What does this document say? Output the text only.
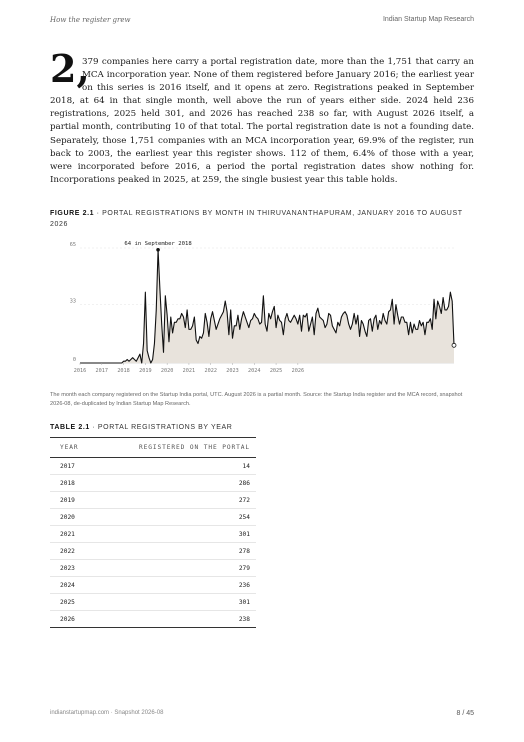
How the register grew	Indian Startup Map Research
2,
379 companies here carry a portal registration date, more than the 1,751 that carry an MCA incorporation year. None of them registered before January 2016; the earliest year on this series is 2016 itself, and it opens at zero. Registrations peaked in September 2018, at 64 in that single month, well above the run of years either side. 2024 held 236 registrations, 2025 held 301, and 2026 has reached 238 so far, with August 2026 itself, a partial month, contributing 10 of that total. The portal registration date is not a founding date. Separately, those 1,751 companies with an MCA incorporation year, 69.9% of the register, run back to 2003, the earliest year this register shows. 112 of them, 6.4% of those with a year, were incorporated before 2016, a period the portal registration dates show nothing for. Incorporations peaked in 2025, at 259, the single busiest year this table holds.
FIGURE 2.1 · PORTAL REGISTRATIONS BY MONTH IN THIRUVANANTHAPURAM, JANUARY 2016 TO AUGUST 2026
0
33
65
2016 2017 2018 2019 2020 2021 2022 2023 2024 2025 2026
64 in September 2018
The month each company registered on the Startup India portal, UTC. August 2026 is a partial month. Source: the Startup India register and the MCA record, snapshot 2026-08, de-duplicated by Indian Startup Map Research.
TABLE 2.1 · PORTAL REGISTRATIONS BY YEAR
YEAR	REGISTERED ON THE PORTAL
2017	14
2018	286
2019	272
2020	254
2021	301
2022	278
2023	279
2024	236
2025	301
2026	238
indianstartupmap.com · Snapshot 2026-08	8 / 45
